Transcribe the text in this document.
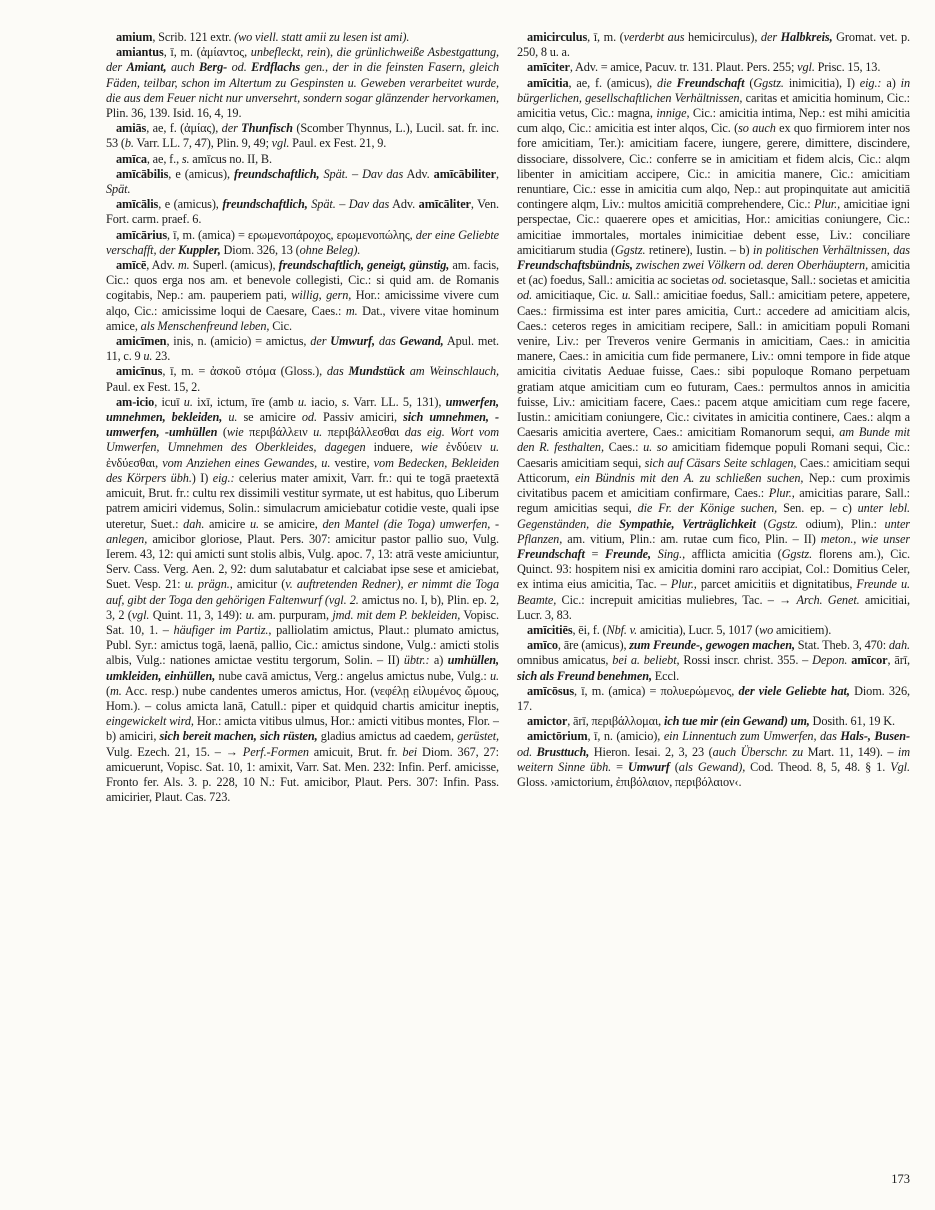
amium, Scrib. 121 extr. (wo viell. statt amii zu lesen ist ami).

amiantus, ī, m. (ἀμίαντος, unbefleckt, rein), die grünlichweiße Asbestgattung, der Amiant, auch Berg- od. Erdflachs gen., der in die feinsten Fasern, gleich Fäden, teilbar, schon im Altertum zu Gespinsten u. Geweben verarbeitet wurde, die aus dem Feuer nicht nur unversehrt, sondern sogar glänzender hervorkamen, Plin. 36, 139. Isid. 16, 4, 19.

amiās, ae, f. (ἀμίας), der Thunfisch (Scomber Thynnus, L.), Lucil. sat. fr. inc. 53 (b. Varr. LL. 7, 47), Plin. 9, 49; vgl. Paul. ex Fest. 21, 9.

amīca, ae, f., s. amīcus no. II, B.

amīcābilis, e (amicus), freundschaftlich, Spät. – Dav das Adv. amīcābiliter, Spät.

amīcālis, e (amicus), freundschaftlich, Spät. – Dav das Adv. amīcāliter, Ven. Fort. carm. praef. 6.

amīcārius, ī, m. (amica) = ερωμενοπάροχος, ερωμενοπώλης, der eine Geliebte verschafft, der Kuppler, Diom. 326, 13 (ohne Beleg).

amīcē, Adv. m. Superl. (amicus), freundschaftlich, geneigt, günstig, am. facis, Cic.: quos erga nos am. et benevole collegisti, Cic.: si quid am. de Romanis cogitabis, Nep.: am. pauperiem pati, willig, gern, Hor.: amicissime vivere cum alqo, Cic.: amicissime loqui de Caesare, Caes.: m. Dat., vivere vitae hominum amice, als Menschenfreund leben, Cic.

amicīmen, inis, n. (amicio) = amictus, der Umwurf, das Gewand, Apul. met. 11, c. 9 u. 23.

amicīnus, ī, m. = ἀσκοῦ στόμα (Gloss.), das Mundstück am Weinschlauch, Paul. ex Fest. 15, 2.

am-icio, icuī u. ixī, ictum, īre (amb u. iacio, s. Varr. LL. 5, 131), umwerfen, umnehmen, bekleiden, u. se amicire od. Passiv amiciri, sich umnehmen, -umwerfen, -umhüllen (wie περιβάλλειν u. περιβάλλεσθαι das eig. Wort vom Umwerfen, Umnehmen des Oberkleides, dagegen induere, wie ἐνδύειν u. ἐνδύεσθαι, vom Anziehen eines Gewandes, u. vestire, vom Bedecken, Bekleiden des Körpers übh.) I) eig.: celerius mater amixit, Varr. fr.: qui te togā praetextā amicuit, Brut. fr.: cultu rex dissimili vestitur syrmate, ut est habitus, quo Liberum patrem amiciri videmus, Solin.: simulacrum amiciebatur cotidie veste, quali ipse uteretur, Suet.: dah. amicire u. se amicire, den Mantel (die Toga) umwerfen, -anlegen, amicibor gloriose, Plaut. Pers. 307: amicitur pastor pallio suo, Vulg. Ierem. 43, 12: qui amicti sunt stolis albis, Vulg. apoc. 7, 13: atrā veste amiciuntur, Serv. Cass. Verg. Aen. 2, 92: dum salutabatur et calciabat ipse sese et amiciebat, Suet. Vesp. 21: u. prägn., amicitur (v. auftretenden Redner), er nimmt die Toga auf, gibt der Toga den gehörigen Faltenwurf (vgl. 2. amictus no. I, b), Plin. ep. 2, 3, 2 (vgl. Quint. 11, 3, 149): u. am. purpuram, jmd. mit dem P. bekleiden, Vopisc. Sat. 10, 1. – häufiger im Partiz., palliolatim amictus, Plaut.: plumato amictus, Publ. Syr.: amictus togā, laenā, pallio, Cic.: amictus sindone, Vulg.: amicti stolis albis, Vulg.: nationes amictae vestitu tergorum, Solin. – II) übtr.: a) umhüllen, umkleiden, einhüllen, nube cavā amictus, Verg.: angelus amictus nube, Vulg.: u. (m. Acc. resp.) nube candentes umeros amictus, Hor. (νεφέλῃ εἰλυμένος ὤμους, Hom.). – colus amicta lanā, Catull.: piper et quidquid chartis amicitur ineptis, eingewickelt wird, Hor.: amicta vitibus ulmus, Hor.: amicti vitibus montes, Flor. – b) amiciri, sich bereit machen, sich rüsten, gladius amictus ad caedem, gerüstet, Vulg. Ezech. 21, 15. – → Perf.-Formen amicuit, Brut. fr. bei Diom. 367, 27: amicuerunt, Vopisc. Sat. 10, 1: amixit, Varr. Sat. Men. 232: Infin. Perf. amicisse, Fronto fer. Als. 3. p. 228, 10 N.: Fut. amicibor, Plaut. Pers. 307: Infin. Pass. amicirier, Plaut. Cas. 723.

amicirculus, ī, m. (verderbt aus hemicirculus), der Halbkreis, Gromat. vet. p. 250, 8 u. a.

amīciter, Adv. = amice, Pacuv. tr. 131. Plaut. Pers. 255; vgl. Prisc. 15, 13.

amīcitia, ae, f. (amicus), die Freundschaft (Ggstz. inimicitia), I) eig.: a) in bürgerlichen, gesellschaftlichen Verhältnissen, caritas et amicitia hominum, Cic.: amicitia vetus, Cic.: magna, innige, Cic.: amicitia intima, Nep.: est mihi amicitia cum alqo, Cic.: amicitia est inter alqos, Cic. (so auch ex quo firmiorem inter nos fore amicitiam, Ter.): amicitiam facere, iungere, gerere, dimittere, discindere, dissociare, dissolvere, Cic.: conferre se in amicitiam et fidem alcis, Cic.: alqm libenter in amicitiam accipere, Cic.: in amicitia manere, Cic.: amicitiam renuntiare, Cic.: esse in amicitia cum alqo, Nep.: aut propinquitate aut amicitiā contingere alqm, Liv.: multos amicitiā comprehendere, Cic.: Plur., amicitiae igni perspectae, Cic.: quaerere opes et amicitias, Hor.: amicitias coniungere, Cic.: amicitiae immortales, mortales inimicitiae debent esse, Liv.: conciliare amicitiarum studia (Ggstz. retinere), Iustin. – b) in politischen Verhältnissen, das Freundschaftsbündnis, zwischen zwei Völkern od. deren Oberhäuptern, amicitia et (ac) foedus, Sall.: amicitia ac societas od. societasque, Sall.: societas et amicitia od. amicitiaque, Cic. u. Sall.: amicitiae foedus, Sall.: amicitiam petere, appetere, Caes.: firmissima est inter pares amicitia, Curt.: accedere ad amicitiam alcis, Caes.: ceteros reges in amicitiam recipere, Sall.: in amicitiam populi Romani venire, Liv.: per Treveros venire Germanis in amicitiam, Caes.: in amicitia manere, Caes.: in amicitia cum fide permanere, Liv.: omni tempore in fide atque amicitia civitatis Aeduae fuisse, Caes.: sibi populoque Romano perpetuam gratiam atque amicitiam cum eo futuram, Caes.: permultos annos in amicitia fuisse, Liv.: amicitiam facere, Caes.: pacem atque amicitiam cum rege facere, Iustin.: amicitiam coniungere, Cic.: civitates in amicitia continere, Caes.: alqm a Caesaris amicitia avertere, Caes.: amicitiam Romanorum sequi, am Bunde mit den R. festhalten, Caes.: u. so amicitiam fidemque populi Romani sequi, Cic.: Caesaris amicitiam sequi, sich auf Cäsars Seite schlagen, Caes.: amicitiam sequi Atticorum, ein Bündnis mit den A. zu schließen suchen, Nep.: cum proximis civitatibus pacem et amicitiam confirmare, Caes.: Plur., amicitias parare, Sall.: regum amicitias sequi, die Fr. der Könige suchen, Sen. ep. – c) unter lebl. Gegenständen, die Sympathie, Verträglichkeit (Ggstz. odium), Plin.: unter Pflanzen, am. vitium, Plin.: am. rutae cum fico, Plin. – II) meton., wie unser Freundschaft = Freunde, Sing., afflicta amicitia (Ggstz. florens am.), Cic. Quinct. 93: hospitem nisi ex amicitia domini raro accipiat, Col.: Domitius Celer, ex intima eius amicitia, Tac. – Plur., parcet amicitiis et dignitatibus, Freunde u. Beamte, Cic.: increpuit amicitias muliebres, Tac. – → Arch. Genet. amicitiai, Lucr. 3, 83.

amīcitiēs, ēi, f. (Nbf. v. amicitia), Lucr. 5, 1017 (wo amicitiem).

amīco, āre (amicus), zum Freunde-, gewogen machen, Stat. Theb. 3, 470: dah. omnibus amicatus, bei a. beliebt, Rossi inscr. christ. 355. – Depon. amīcor, ārī, sich als Freund benehmen, Eccl.

amīcōsus, ī, m. (amica) = πολυερώμενος, der viele Geliebte hat, Diom. 326, 17.

amictor, ārī, περιβάλλομαι, ich tue mir (ein Gewand) um, Dosith. 61, 19 K.

amictōrium, ī, n. (amicio), ein Linnentuch zum Umwerfen, das Hals-, Busen- od. Brusttuch, Hieron. Iesai. 2, 3, 23 (auch Überschr. zu Mart. 11, 149). – im weitern Sinne übh. = Umwurf (als Gewand), Cod. Theod. 8, 5, 48. § 1. Vgl. Gloss. ›amictorium, ἐπιβόλαιον, περιβόλαιον‹.

173
